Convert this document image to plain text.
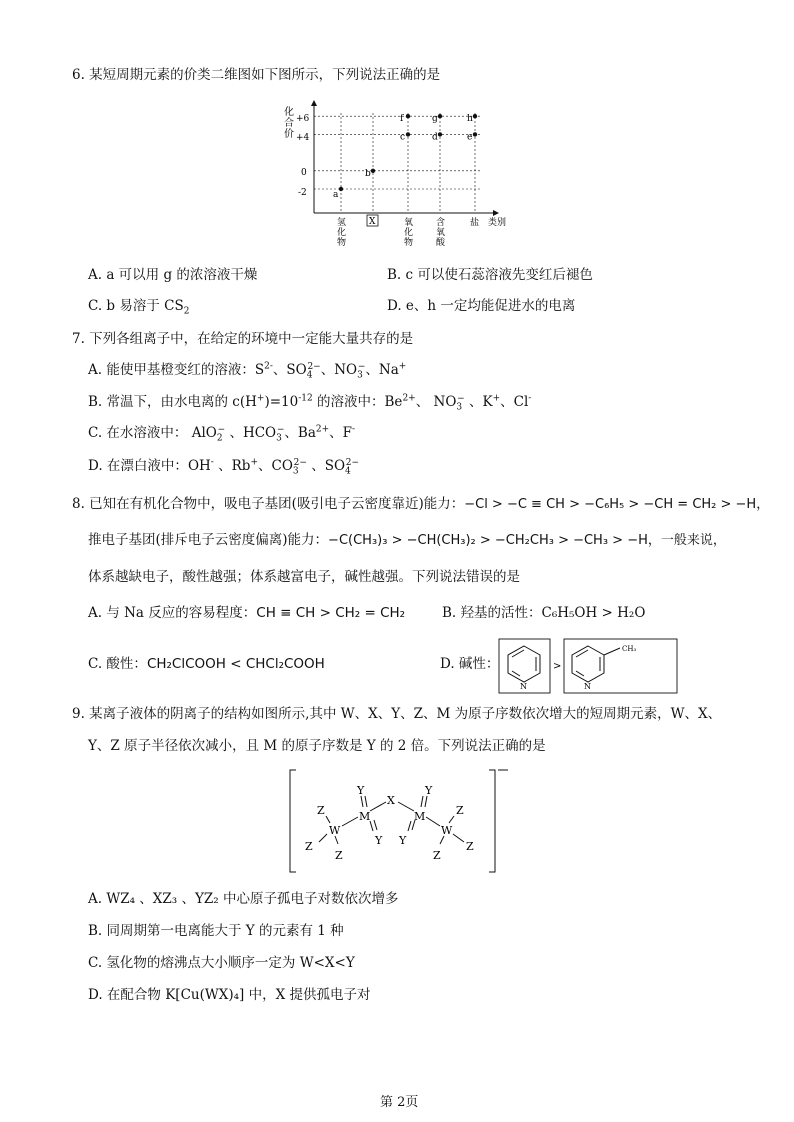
6. 某短周期元素的价类二维图如下图所示，下列说法正确的是
a
b
c
f
d
g
e
h
化
合
价
+6
+4
0
-2
氢
化
物
X	氧
化
物
含
氧
酸
盐 类别
A. a 可以用 g 的浓溶液干燥	B. c 可以使石蕊溶液先变红后褪色
C. b 易溶于 $CS_2$	D. e、h 一定均能促进水的电离
7. 下列各组离子中，在给定的环境中一定能大量共存的是
A. 能使甲基橙变红的溶液：$S^{2-}$、$SO_4^{2-}$、$NO_3^-$、Na+
B. 常温下，由水电离的 $c(H^+)=10^{-12}$ 的溶液中：$Be^{2+}$、 $NO_3^-$ 、K+、Cl-
C. 在水溶液中： AlO$_2$− 、$HCO_3^-$、$Ba^{2+}$、F-
D. 在漂白液中：OH- 、Rb+、$CO_3^{2-}$ 、$SO_4^{2-}$
8. 已知在有机化合物中，吸电子基团(吸引电子云密度靠近)能力：−Cl > −C ≡ CH > −C₆H₅ > −CH = CH₂ > −H，
推电子基团(排斥电子云密度偏离)能力：−C(CH₃)₃ > −CH(CH₃)₂ > −CH₂CH₃ > −CH₃ > −H，一般来说，
体系越缺电子，酸性越强；体系越富电子，碱性越强。下列说法错误的是
A. 与 Na 反应的容易程度：CH ≡ CH > CH₂ = CH₂	B. 羟基的活性：C₆H₅OH > H₂O
C. 酸性：CH₂ClCOOH < CHCl₂COOH	D. 碱性：
N
>
N
CH₃
9. 某离子液体的阴离子的结构如图所示,其中 W、X、Y、Z、M 为原子序数依次增大的短周期元素，W、X、
Y、Z 原子半径依次减小，且 M 的原子序数是 Y 的 2 倍。下列说法正确的是
Y	Y
X
M	M
Z	Z
W	W
Z	Z
Y Y
Z	Z
A. WZ₄ 、XZ₃ 、YZ₂ 中心原子孤电子对数依次增多
B. 同周期第一电离能大于 Y 的元素有 1 种
C. 氢化物的熔沸点大小顺序一定为 W<X<Y
D. 在配合物 K[Cu(WX)₄] 中，X 提供孤电子对
第 2页
